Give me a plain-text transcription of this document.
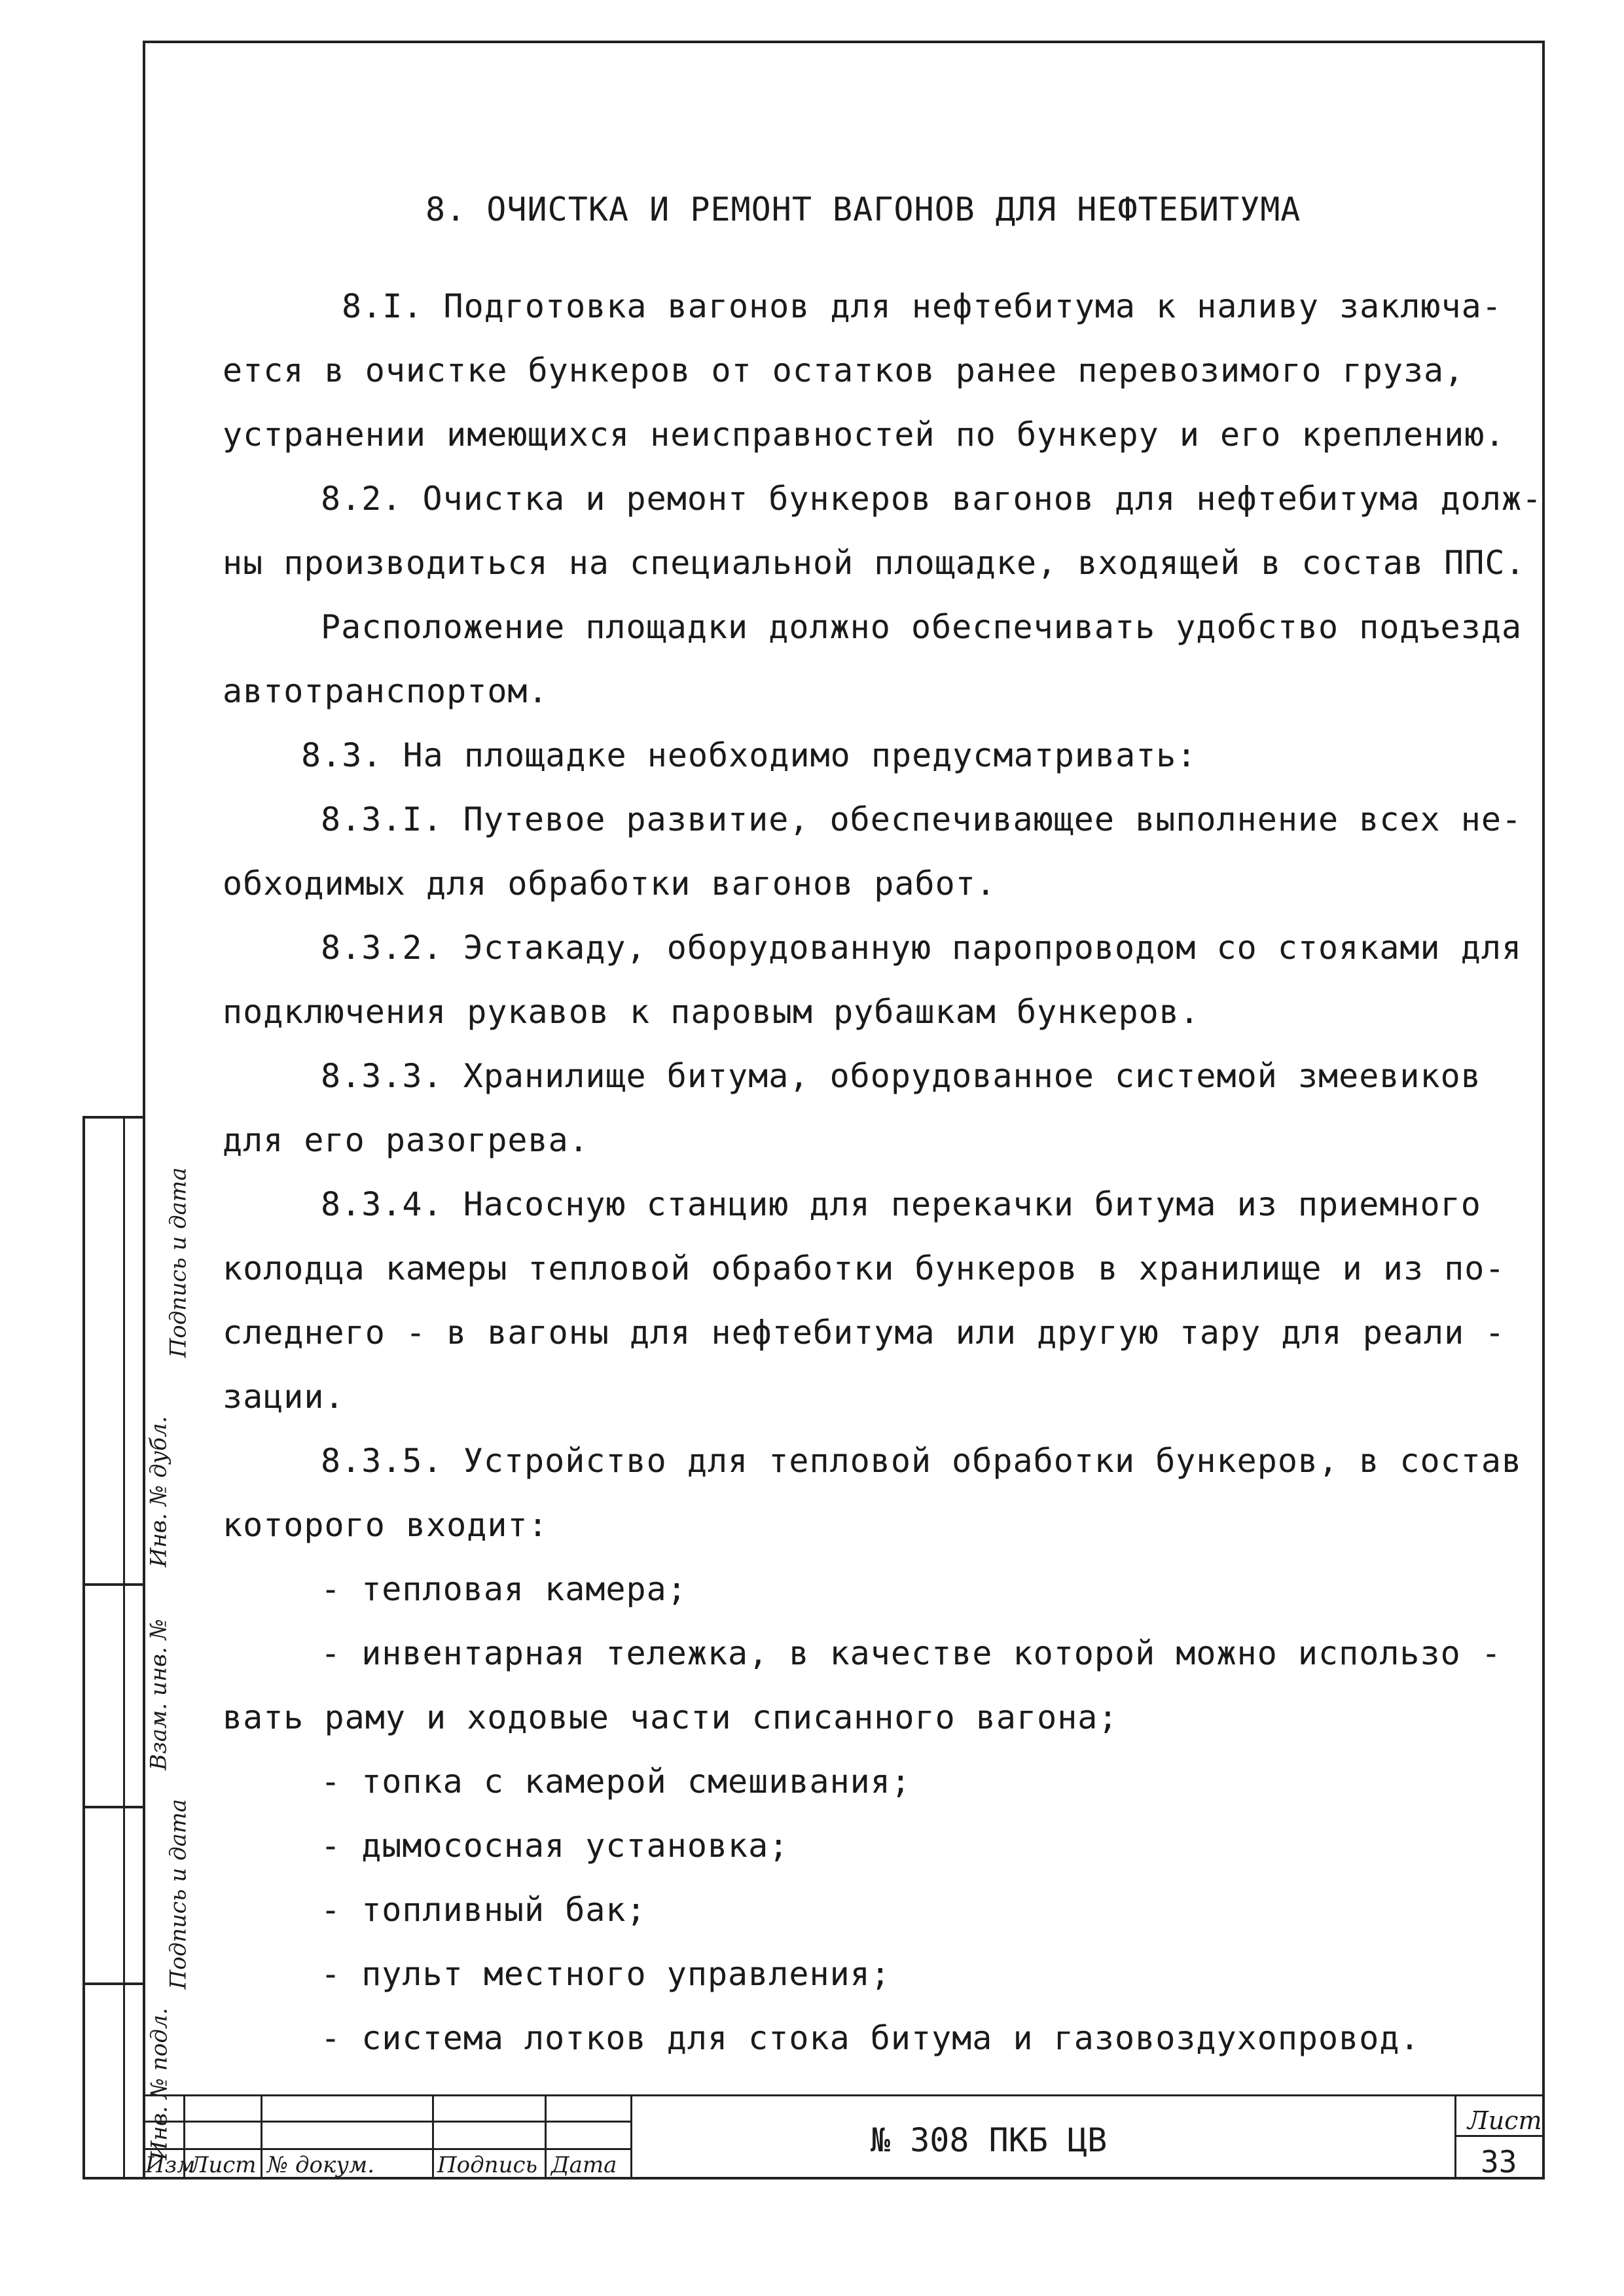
8. ОЧИСТКА И РЕМОНТ ВАГОНОВ ДЛЯ НЕФТЕБИТУМА
8.I. Подготовка вагонов для нефтебитума к наливу заключа-
ется в очистке бункеров от остатков ранее перевозимого груза,
устранении имеющихся неисправностей по бункеру и его креплению.
8.2. Очистка и ремонт бункеров вагонов для нефтебитума долж-
ны производиться на специальной площадке, входящей в состав ППС.
Расположение площадки должно обеспечивать удобство подъезда
автотранспортом.
8.3. На площадке необходимо предусматривать:
8.3.I. Путевое развитие, обеспечивающее выполнение всех не-
обходимых для обработки вагонов работ.
8.3.2. Эстакаду, оборудованную паропроводом со стояками для
подключения рукавов к паровым рубашкам бункеров.
8.3.3. Хранилище битума, оборудованное системой змеевиков
для его разогрева.
8.3.4. Насосную станцию для перекачки битума из приемного
колодца камеры тепловой обработки бункеров в хранилище и из по-
следнего - в вагоны для нефтебитума или другую тару для реали -
зации.
8.3.5. Устройство для тепловой обработки бункеров, в состав
которого входит:
- тепловая камера;
- инвентарная тележка, в качестве которой можно использо -
вать раму и ходовые части списанного вагона;
- топка с камерой смешивания;
- дымососная установка;
- топливный бак;
- пульт местного управления;
- система лотков для стока битума и газовоздухопровод.
Инв. № подл.
Подпись и дата
Взам. инв. №
Инв. № дубл.
Подпись и дата
Изм
Лист № докум.	Подпись Дата
№ 308 ПКБ ЦВ
Лист
33
